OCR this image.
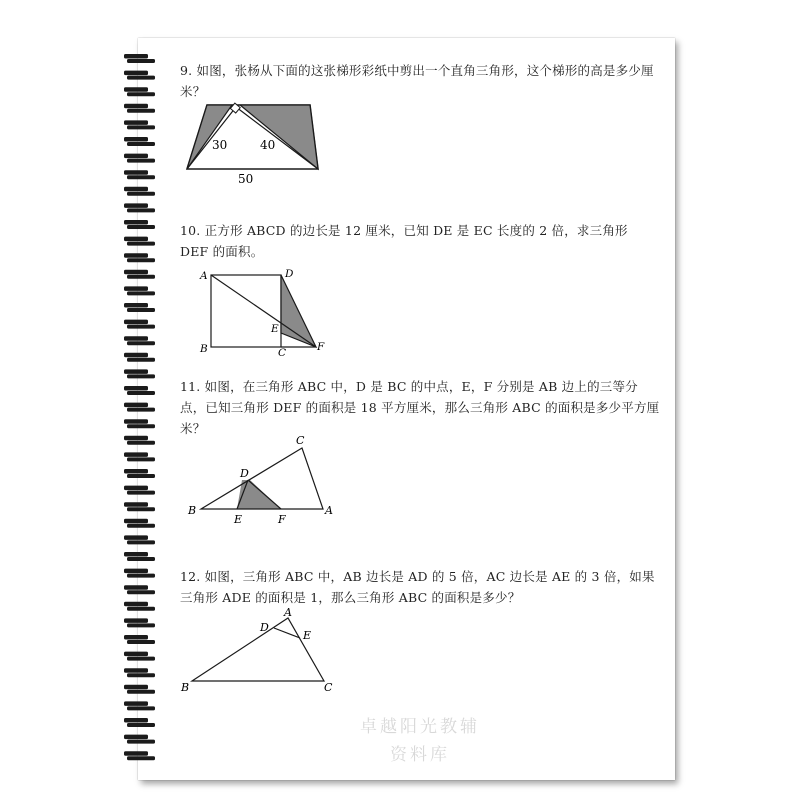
9. 如图，张杨从下面的这张梯形彩纸中剪出一个直角三角形，这个梯形的高是多少厘米？
30	40
50
10. 正方形 ABCD 的边长是 12 厘米，已知 DE 是 EC 长度的 2 倍，求三角形 DEF 的面积。
A	D
E
B	C	F
11. 如图，在三角形 ABC 中，D 是 BC 的中点，E，F 分别是 AB 边上的三等分点，已知三角形 DEF 的面积是 18 平方厘米，那么三角形 ABC 的面积是多少平方厘米？
C
D
B
E	F
A
12. 如图，三角形 ABC 中，AB 边长是 AD 的 5 倍，AC 边长是 AE 的 3 倍，如果三角形 ADE 的面积是 1，那么三角形 ABC 的面积是多少？
A
D
E
B	C
卓越阳光教辅
资料库
